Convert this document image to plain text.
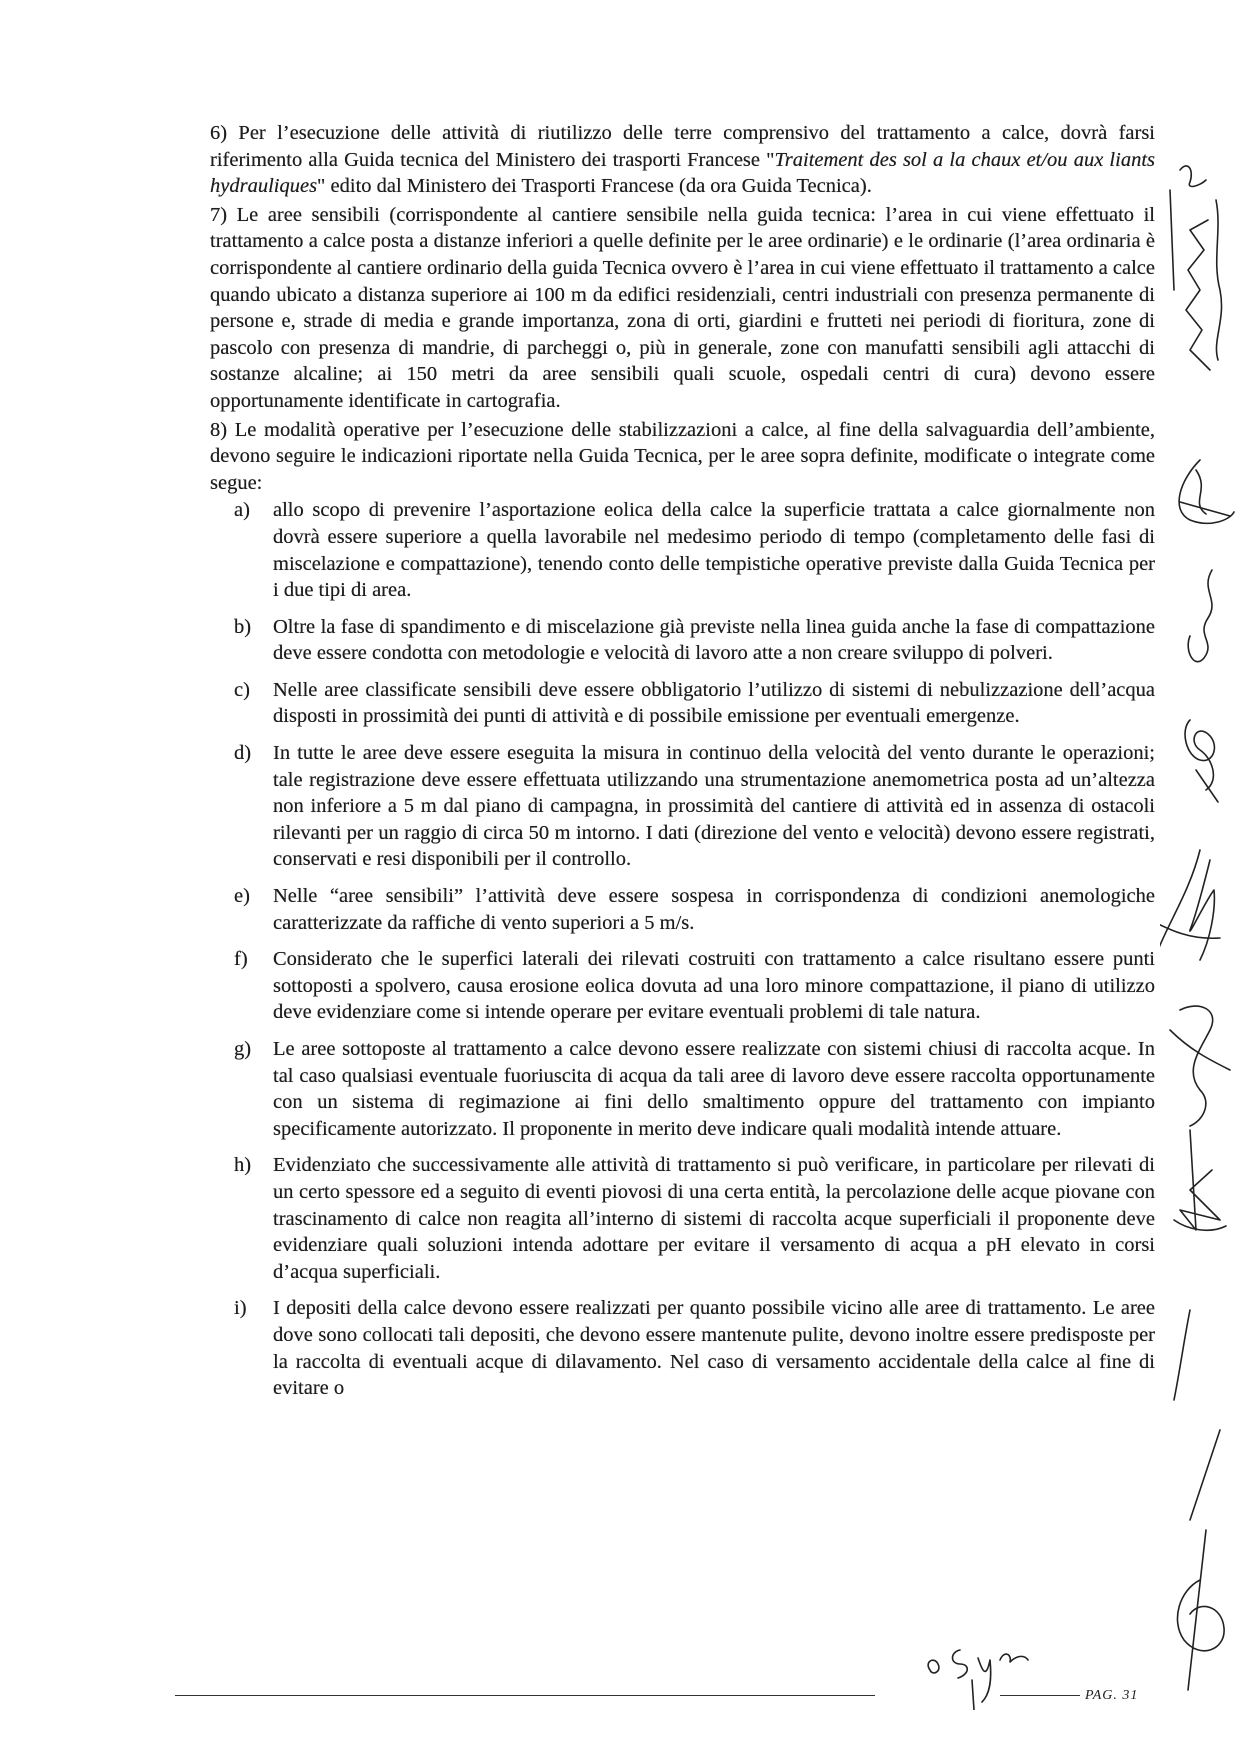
6) Per l’esecuzione delle attività di riutilizzo delle terre comprensivo del trattamento a calce, dovrà farsi riferimento alla Guida tecnica del Ministero dei trasporti Francese "Traitement des sol a la chaux et/ou aux liants hydrauliques" edito dal Ministero dei Trasporti Francese (da ora Guida Tecnica).

7) Le aree sensibili (corrispondente al cantiere sensibile nella guida tecnica: l’area in cui viene effettuato il trattamento a calce posta a distanze inferiori a quelle definite per le aree ordinarie) e le ordinarie (l’area ordinaria è corrispondente al cantiere ordinario della guida Tecnica ovvero è l’area in cui viene effettuato il trattamento a calce quando ubicato a distanza superiore ai 100 m da edifici residenziali, centri industriali con presenza permanente di persone e, strade di media e grande importanza, zona di orti, giardini e frutteti nei periodi di fioritura, zone di pascolo con presenza di mandrie, di parcheggi o, più in generale, zone con manufatti sensibili agli attacchi di sostanze alcaline; ai 150 metri da aree sensibili quali scuole, ospedali centri di cura) devono essere opportunamente identificate in cartografia.

8) Le modalità operative per l’esecuzione delle stabilizzazioni a calce, al fine della salvaguardia dell’ambiente, devono seguire le indicazioni riportate nella Guida Tecnica, per le aree sopra definite, modificate o integrate come segue:

a)	allo scopo di prevenire l’asportazione eolica della calce la superficie trattata a calce giornalmente non dovrà essere superiore a quella lavorabile nel medesimo periodo di tempo (completamento delle fasi di miscelazione e compattazione), tenendo conto delle tempistiche operative previste dalla Guida Tecnica per i due tipi di area.
b)	Oltre la fase di spandimento e di miscelazione già previste nella linea guida anche la fase di compattazione deve essere condotta con metodologie e velocità di lavoro atte a non creare sviluppo di polveri.
c)	Nelle aree classificate sensibili deve essere obbligatorio l’utilizzo di sistemi di nebulizzazione dell’acqua disposti in prossimità dei punti di attività e di possibile emissione per eventuali emergenze.
d)	In tutte le aree deve essere eseguita la misura in continuo della velocità del vento durante le operazioni; tale registrazione deve essere effettuata utilizzando una strumentazione anemometrica posta ad un’altezza non inferiore a 5 m dal piano di campagna, in prossimità del cantiere di attività ed in assenza di ostacoli rilevanti per un raggio di circa 50 m intorno. I dati (direzione del vento e velocità) devono essere registrati, conservati e resi disponibili per il controllo.
e)	Nelle “aree sensibili” l’attività deve essere sospesa in corrispondenza di condizioni anemologiche caratterizzate da raffiche di vento superiori a 5 m/s.
f)	Considerato che le superfici laterali dei rilevati costruiti con trattamento a calce risultano essere punti sottoposti a spolvero, causa erosione eolica dovuta ad una loro minore compattazione, il piano di utilizzo deve evidenziare come si intende operare per evitare eventuali problemi di tale natura.
g)	Le aree sottoposte al trattamento a calce devono essere realizzate con sistemi chiusi di raccolta acque. In tal caso qualsiasi eventuale fuoriuscita di acqua da tali aree di lavoro deve essere raccolta opportunamente con un sistema di regimazione ai fini dello smaltimento oppure del trattamento con impianto specificamente autorizzato. Il proponente in merito deve indicare quali modalità intende attuare.
h)	Evidenziato che successivamente alle attività di trattamento si può verificare, in particolare per rilevati di un certo spessore ed a seguito di eventi piovosi di una certa entità, la percolazione delle acque piovane con trascinamento di calce non reagita all’interno di sistemi di raccolta acque superficiali il proponente deve evidenziare quali soluzioni intenda adottare per evitare il versamento di acqua a pH elevato in corsi d’acqua superficiali.
i)	I depositi della calce devono essere realizzati per quanto possibile vicino alle aree di trattamento. Le aree dove sono collocati tali depositi, che devono essere mantenute pulite, devono inoltre essere predisposte per la raccolta di eventuali acque di dilavamento. Nel caso di versamento accidentale della calce al fine di evitare o
PAG. 31
